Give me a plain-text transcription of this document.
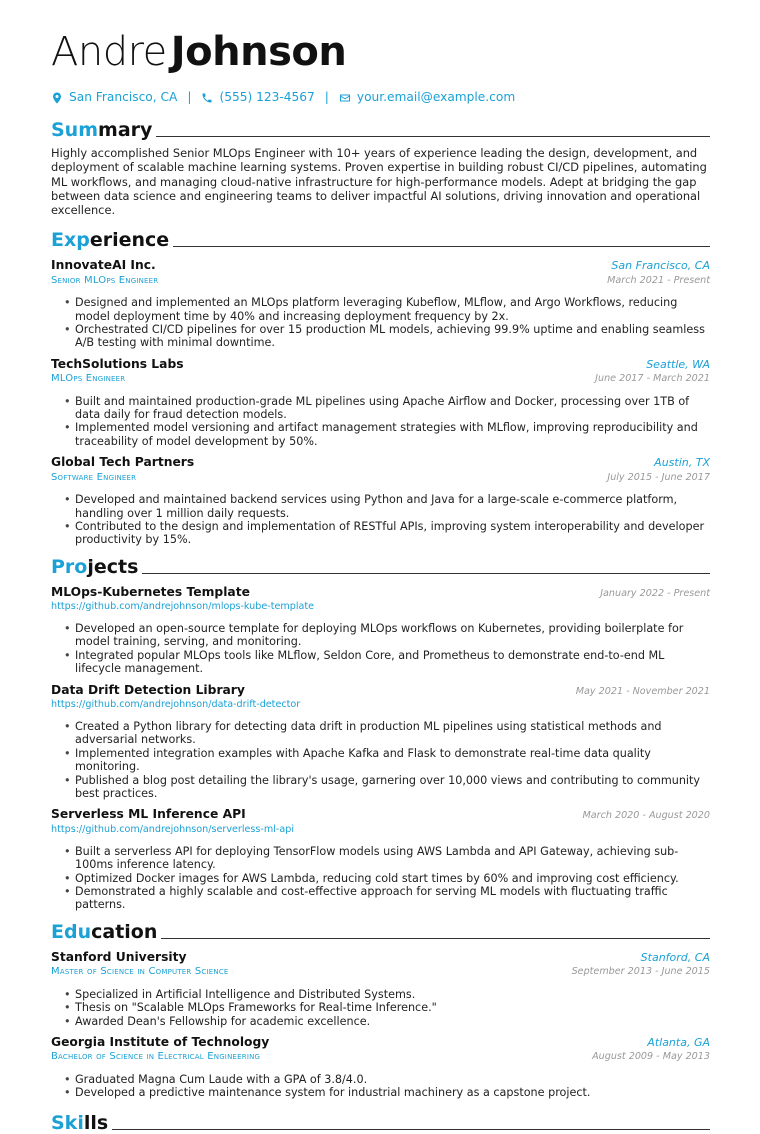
Andre Johnson
San Francisco, CA | (555) 123-4567 | your.email@example.com
Sum mary

Highly accomplished Senior MLOps Engineer with 10+ years of experience leading the design, development, and deployment of scalable machine learning systems. Proven expertise in building robust CI/CD pipelines, automating ML workflows, and managing cloud-native infrastructure for high-performance models. Adept at bridging the gap between data science and engineering teams to deliver impactful AI solutions, driving innovation and operational excellence.

Exp erience
InnovateAI Inc.	San Francisco, CA
Senior MLOps Engineer	March 2021 - Present
• Designed and implemented an MLOps platform leveraging Kubeflow, MLflow, and Argo Workflows, reducing model deployment time by 40% and increasing deployment frequency by 2x.
• Orchestrated CI/CD pipelines for over 15 production ML models, achieving 99.9% uptime and enabling seamless A/B testing with minimal downtime.
TechSolutions Labs	Seattle, WA
MLOps Engineer	June 2017 - March 2021
• Built and maintained production-grade ML pipelines using Apache Airflow and Docker, processing over 1TB of data daily for fraud detection models.
• Implemented model versioning and artifact management strategies with MLflow, improving reproducibility and traceability of model development by 50%.
Global Tech Partners	Austin, TX
Software Engineer	July 2015 - June 2017
• Developed and maintained backend services using Python and Java for a large-scale e-commerce platform, handling over 1 million daily requests.
• Contributed to the design and implementation of RESTful APIs, improving system interoperability and developer productivity by 15%.
Pro jects
MLOps-Kubernetes Template	January 2022 - Present
https://github.com/andrejohnson/mlops-kube-template
• Developed an open-source template for deploying MLOps workflows on Kubernetes, providing boilerplate for model training, serving, and monitoring.
• Integrated popular MLOps tools like MLflow, Seldon Core, and Prometheus to demonstrate end-to-end ML lifecycle management.
Data Drift Detection Library	May 2021 - November 2021
https://github.com/andrejohnson/data-drift-detector
• Created a Python library for detecting data drift in production ML pipelines using statistical methods and adversarial networks.
• Implemented integration examples with Apache Kafka and Flask to demonstrate real-time data quality monitoring.
• Published a blog post detailing the library's usage, garnering over 10,000 views and contributing to community best practices.
Serverless ML Inference API	March 2020 - August 2020
https://github.com/andrejohnson/serverless-ml-api
• Built a serverless API for deploying TensorFlow models using AWS Lambda and API Gateway, achieving sub-100ms inference latency.
• Optimized Docker images for AWS Lambda, reducing cold start times by 60% and improving cost efficiency.
• Demonstrated a highly scalable and cost-effective approach for serving ML models with fluctuating traffic patterns.
Edu cation
Stanford University	Stanford, CA
Master of Science in Computer Science	September 2013 - June 2015
• Specialized in Artificial Intelligence and Distributed Systems.
• Thesis on "Scalable MLOps Frameworks for Real-time Inference."
• Awarded Dean's Fellowship for academic excellence.
Georgia Institute of Technology	Atlanta, GA
Bachelor of Science in Electrical Engineering	August 2009 - May 2013
• Graduated Magna Cum Laude with a GPA of 3.8/4.0.
• Developed a predictive maintenance system for industrial machinery as a capstone project.
Ski lls
